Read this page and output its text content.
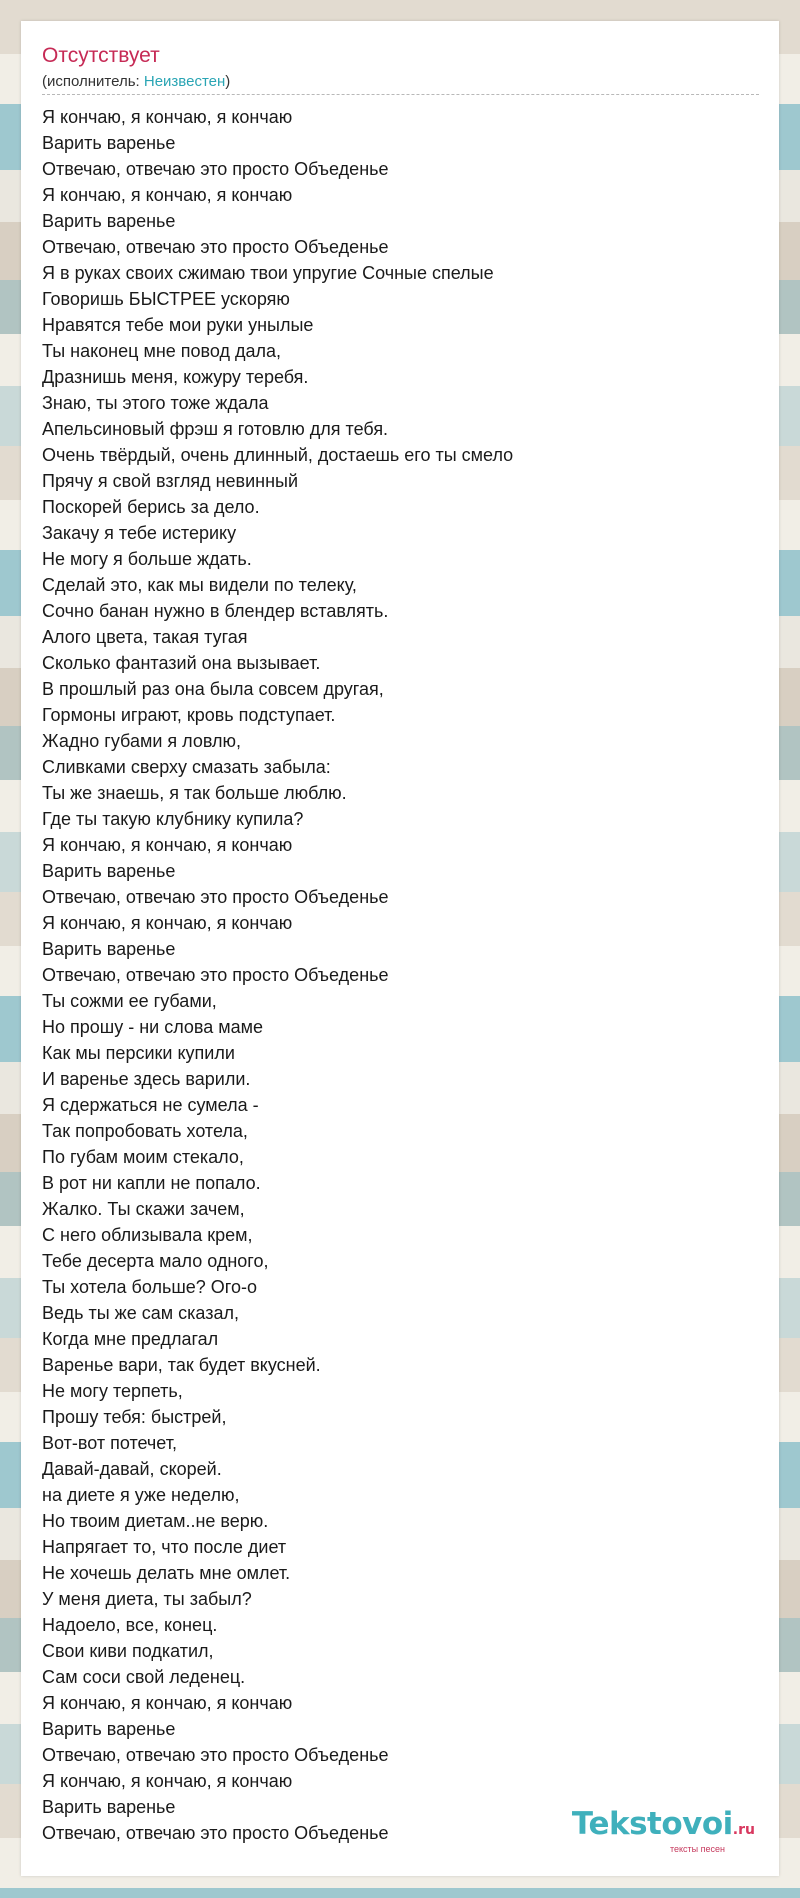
Отсутствует
(исполнитель: Неизвестен)
Я кончаю, я кончаю, я кончаю
Варить варенье
Отвечаю, отвечаю это просто Объеденье
Я кончаю, я кончаю, я кончаю
Варить варенье
Отвечаю, отвечаю это просто Объеденье
Я в руках своих сжимаю твои упругие Сочные спелые
Говоришь БЫСТРЕЕ ускоряю
Нравятся тебе мои руки унылые
Ты наконец мне повод дала,
Дразнишь меня, кожуру теребя.
Знаю, ты этого тоже ждала
Апельсиновый фрэш я готовлю для тебя.
Очень твёрдый, очень длинный, достаешь его ты смело
Прячу я свой взгляд невинный
Поскорей берись за дело.
Закачу я тебе истерику
Не могу я больше ждать.
Сделай это, как мы видели по телеку,
Сочно банан нужно в блендер вставлять.
Алого цвета, такая тугая
Сколько фантазий она вызывает.
В прошлый раз она была совсем другая,
Гормоны играют, кровь подступает.
Жадно губами я ловлю,
Сливками сверху смазать забыла:
Ты же знаешь, я так больше люблю.
Где ты такую клубнику купила?
Я кончаю, я кончаю, я кончаю
Варить варенье
Отвечаю, отвечаю это просто Объеденье
Я кончаю, я кончаю, я кончаю
Варить варенье
Отвечаю, отвечаю это просто Объеденье
Ты сожми ее губами,
Но прошу - ни слова маме
Как мы персики купили
И варенье здесь варили.
Я сдержаться не сумела -
Так попробовать хотела,
По губам моим стекало,
В рот ни капли не попало.
Жалко. Ты скажи зачем,
С него облизывала крем,
Тебе десерта мало одного,
Ты хотела больше? Ого-о
Ведь ты же сам сказал,
Когда мне предлагал
Варенье вари, так будет вкусней.
Не могу терпеть,
Прошу тебя: быстрей,
Вот-вот потечет,
Давай-давай, скорей.
на диете я уже неделю,
Но твоим диетам..не верю.
Напрягает то, что после диет
Не хочешь делать мне омлет.
У меня диета, ты забыл?
Надоело, все, конец.
Свои киви подкатил,
Сам соси свой леденец.
Я кончаю, я кончаю, я кончаю
Варить варенье
Отвечаю, отвечаю это просто Объеденье
Я кончаю, я кончаю, я кончаю
Варить варенье
Отвечаю, отвечаю это просто Объеденье	Tekstovoi.ru
тексты песен
